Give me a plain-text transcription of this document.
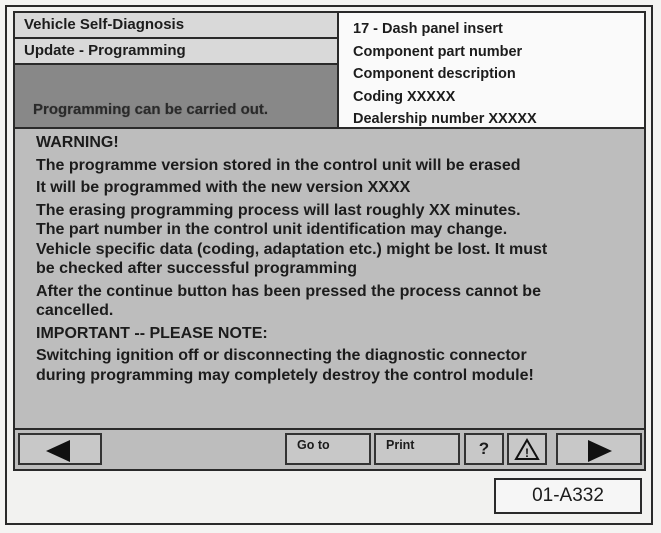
Vehicle Self-Diagnosis
Update - Programming
Programming can be carried out.
17 - Dash panel insert
Component part number
Component description
Coding XXXXX
Dealership number XXXXX
WARNING!
The programme version stored in the control unit will be erased
It will be programmed with the new version XXXX
The erasing programming process will last roughly XX minutes.
The part number in the control unit identification may change.
Vehicle specific data (coding, adaptation etc.) might be lost. It must
be checked after successful programming
After the continue button has been pressed the process cannot be
cancelled.
IMPORTANT -- PLEASE NOTE:
Switching ignition off or disconnecting the diagnostic connector
during programming may completely destroy the control module!
Go to	Print	?	!
01-A332
